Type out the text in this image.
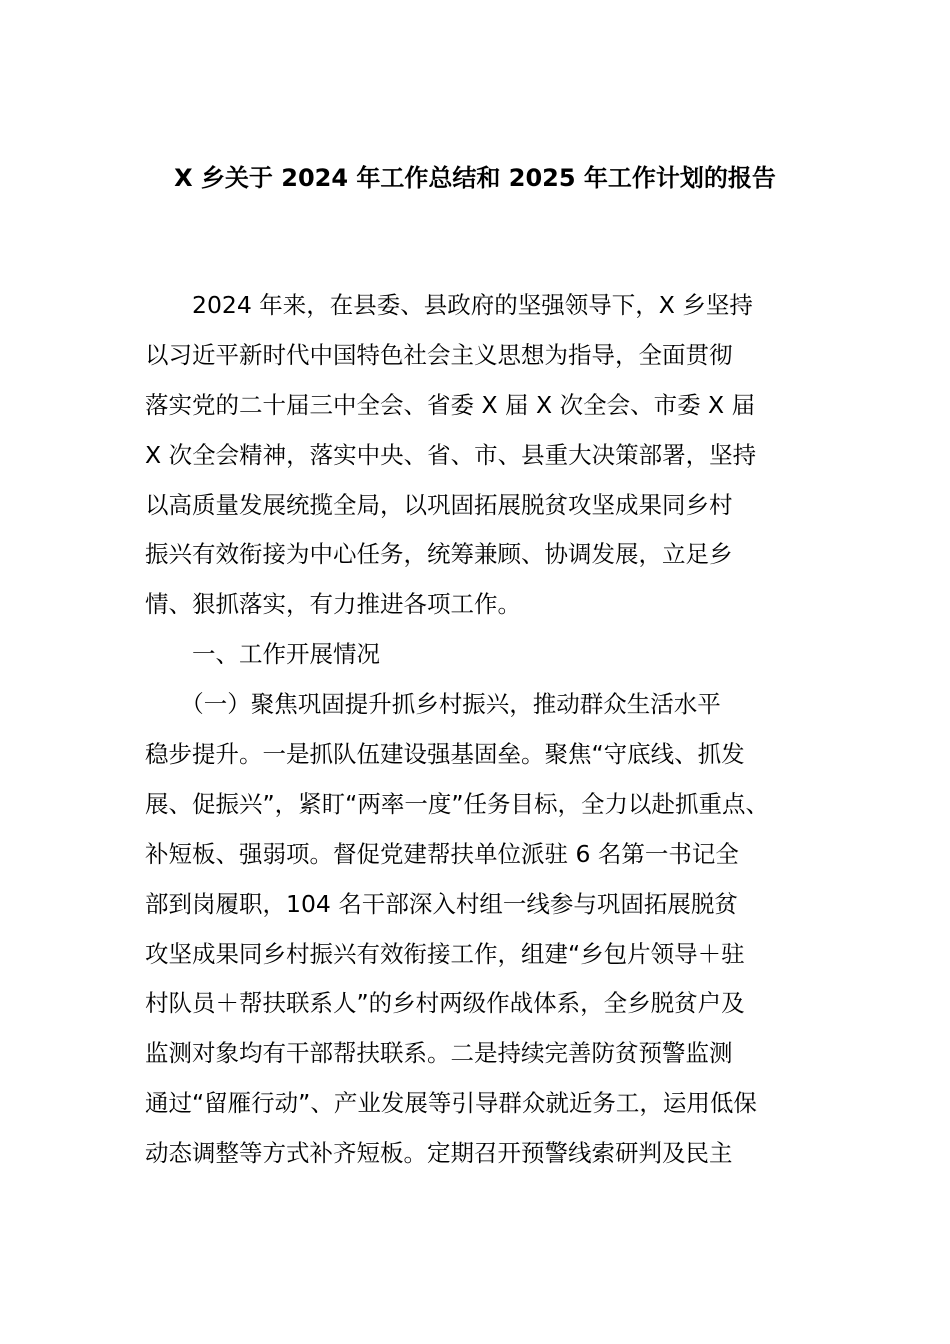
X 乡关于 2024 年工作总结和 2025 年工作计划的报告
　　2024 年来，在县委、县政府的坚强领导下，X 乡坚持
以习近平新时代中国特色社会主义思想为指导，全面贯彻
落实党的二十届三中全会、省委 X 届 X 次全会、市委 X 届
X 次全会精神，落实中央、省、市、县重大决策部署，坚持
以高质量发展统揽全局，以巩固拓展脱贫攻坚成果同乡村
振兴有效衔接为中心任务，统筹兼顾、协调发展，立足乡
情、狠抓落实，有力推进各项工作。
　　一、工作开展情况
　　（一）聚焦巩固提升抓乡村振兴，推动群众生活水平
稳步提升。一是抓队伍建设强基固垒。聚焦“守底线、抓发
展、促振兴”，紧盯“两率一度”任务目标，全力以赴抓重点、
补短板、强弱项。督促党建帮扶单位派驻 6 名第一书记全
部到岗履职，104 名干部深入村组一线参与巩固拓展脱贫
攻坚成果同乡村振兴有效衔接工作，组建“乡包片领导＋驻
村队员＋帮扶联系人”的乡村两级作战体系，全乡脱贫户及
监测对象均有干部帮扶联系。二是持续完善防贫预警监测
通过“留雁行动”、产业发展等引导群众就近务工，运用低保
动态调整等方式补齐短板。定期召开预警线索研判及民主
